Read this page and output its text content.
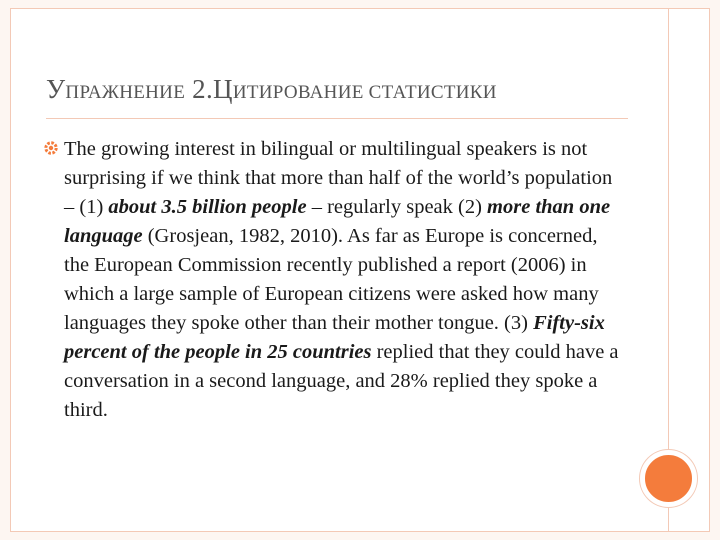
УПРАЖНЕНИЕ 2.ЦИТИРОВАНИЕ СТАТИСТИКИ
The growing interest in bilingual or multilingual speakers is not surprising if we think that more than half of the world’s population – (1) about 3.5 billion people – regularly speak (2) more than one language (Grosjean, 1982, 2010). As far as Europe is concerned, the European Commission recently published a report (2006) in which a large sample of European citizens were asked how many languages they spoke other than their mother tongue. (3) Fifty-six percent of the people in 25 countries replied that they could have a conversation in a second language, and 28% replied they spoke a third.
